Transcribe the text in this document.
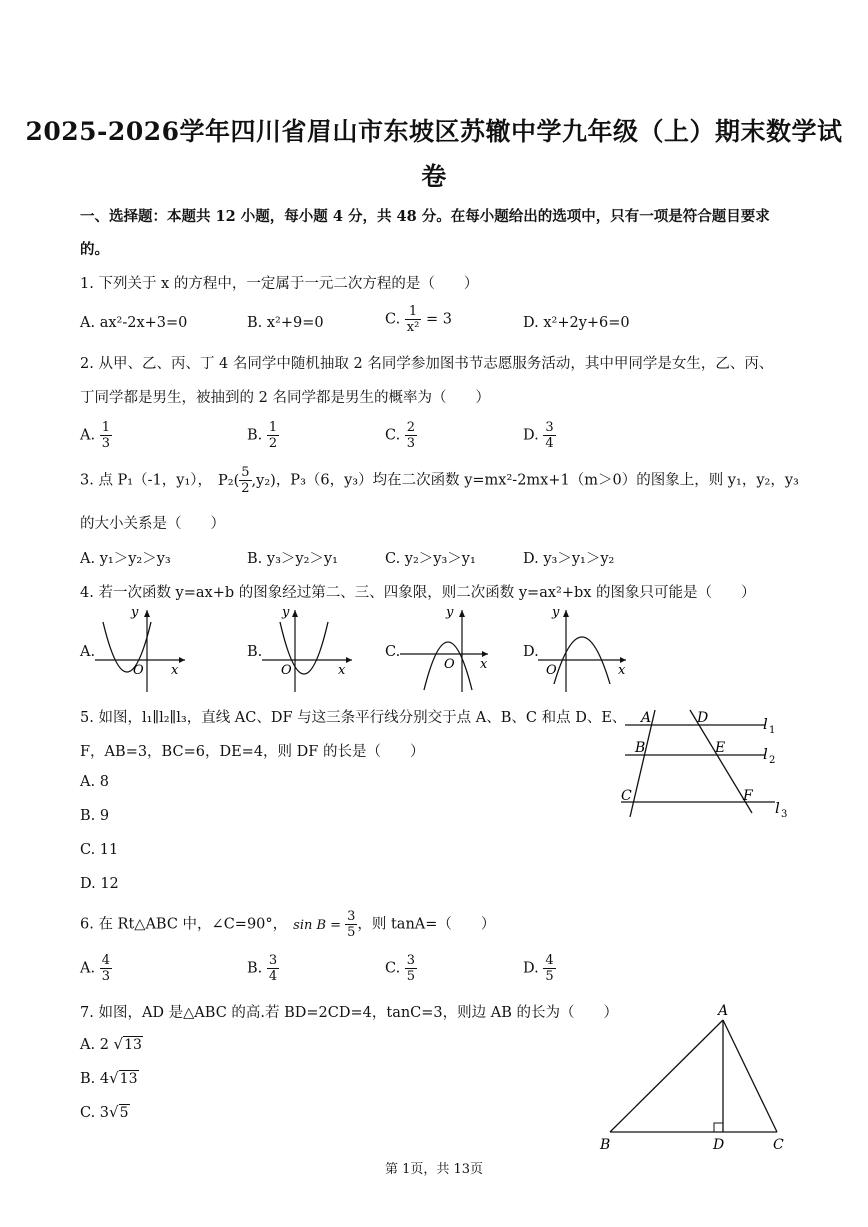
2025-2026学年四川省眉山市东坡区苏辙中学九年级（上）期末数学试
卷
一、选择题：本题共 12 小题，每小题 4 分，共 48 分。在每小题给出的选项中，只有一项是符合题目要求
的。
1. 下列关于 x 的方程中，一定属于一元二次方程的是（　　）
A. ax²-2x+3=0	B. x²+9=0	C. $\frac{1}{\text{x²}} = 3$	D. x²+2y+6=0
2. 从甲、乙、丙、丁 4 名同学中随机抽取 2 名同学参加图书节志愿服务活动，其中甲同学是女生，乙、丙、
丁同学都是男生，被抽到的 2 名同学都是男生的概率为（　　）
A. $\frac{1}{3}$	B. $\frac{1}{2}$	C. $\frac{2}{3}$	D. $\frac{3}{4}$
3. 点 P₁（-1，y₁）， $P_2( \frac{5}{2} ,y_2)$，P₃（6，y₃）均在二次函数 y=mx²-2mx+1（m＞0）的图象上，则 y₁，y₂，y₃
的大小关系是（　　）
A. y₁＞y₂＞y₃	B. y₃＞y₂＞y₁	C. y₂＞y₃＞y₁	D. y₃＞y₁＞y₂
4. 若一次函数 y=ax+b 的图象经过第二、三、四象限，则二次函数 y=ax²+bx 的图象只可能是（　　）
A.
y
x
O
B.
y
x
O
C.
y
x
O
D.
y
x
O
5. 如图，l₁∥l₂∥l₃，直线 AC、DF 与这三条平行线分别交于点 A、B、C 和点 D、E、
F，AB=3，BC=6，DE=4，则 DF 的长是（　　）
A. 8
B. 9
C. 11
D. 12
A
B
C
D
E
F
l 1
l 2
l 3
6. 在 Rt△ABC 中，∠C=90°， $\sin B = \frac{3}{5}$ ，则 tanA=（　　）
A. $\frac{4}{3}$	B. $\frac{3}{4}$	C. $\frac{3}{5}$	D. $\frac{4}{5}$
7. 如图，AD 是△ABC 的高.若 BD=2CD=4，tanC=3，则边 AB 的长为（　　）
A. 2 √13
B. 4√13
C. 3√5
A
B	D	C
第 1页，共 13页
